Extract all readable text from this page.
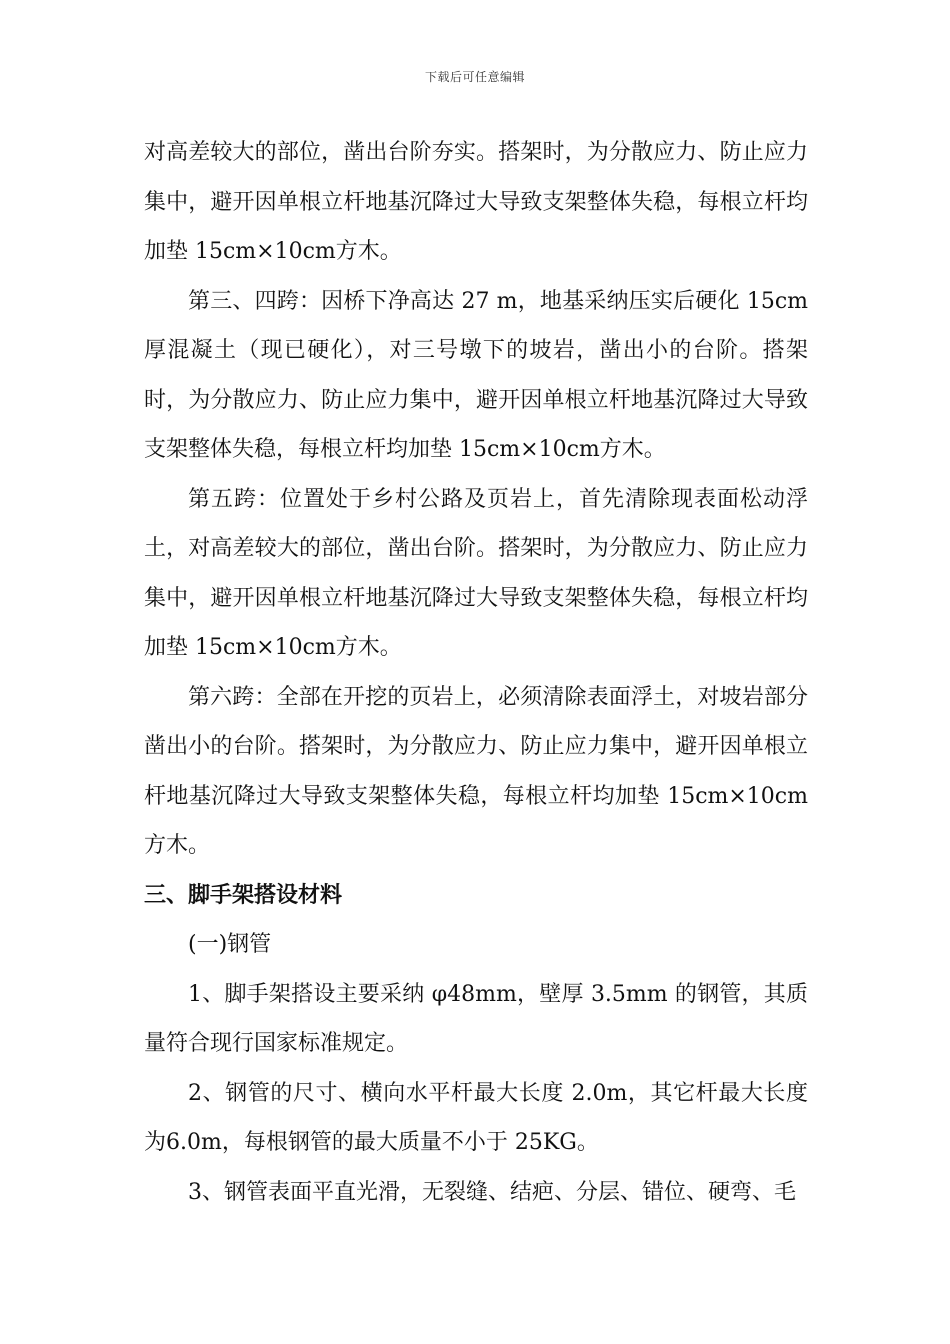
下载后可任意编辑

对高差较大的部位，凿出台阶夯实。搭架时，为分散应力、防止应力集中，避开因单根立杆地基沉降过大导致支架整体失稳，每根立杆均加垫 15cm×10cm方木。

第三、四跨：因桥下净高达 27 m，地基采纳压实后硬化 15cm厚混凝土（现已硬化），对三号墩下的坡岩，凿出小的台阶。搭架时，为分散应力、防止应力集中，避开因单根立杆地基沉降过大导致支架整体失稳，每根立杆均加垫 15cm×10cm方木。

第五跨：位置处于乡村公路及页岩上，首先清除现表面松动浮土，对高差较大的部位，凿出台阶。搭架时，为分散应力、防止应力集中，避开因单根立杆地基沉降过大导致支架整体失稳，每根立杆均加垫 15cm×10cm方木。

第六跨：全部在开挖的页岩上，必须清除表面浮土，对坡岩部分凿出小的台阶。搭架时，为分散应力、防止应力集中，避开因单根立杆地基沉降过大导致支架整体失稳，每根立杆均加垫 15cm×10cm方木。

三、脚手架搭设材料

(一)钢管

1、脚手架搭设主要采纳 φ48mm，壁厚 3.5mm 的钢管，其质量符合现行国家标准规定。

2、钢管的尺寸、横向水平杆最大长度 2.0m，其它杆最大长度为6.0m，每根钢管的最大质量不小于 25KG。

3、钢管表面平直光滑，无裂缝、结疤、分层、错位、硬弯、毛
